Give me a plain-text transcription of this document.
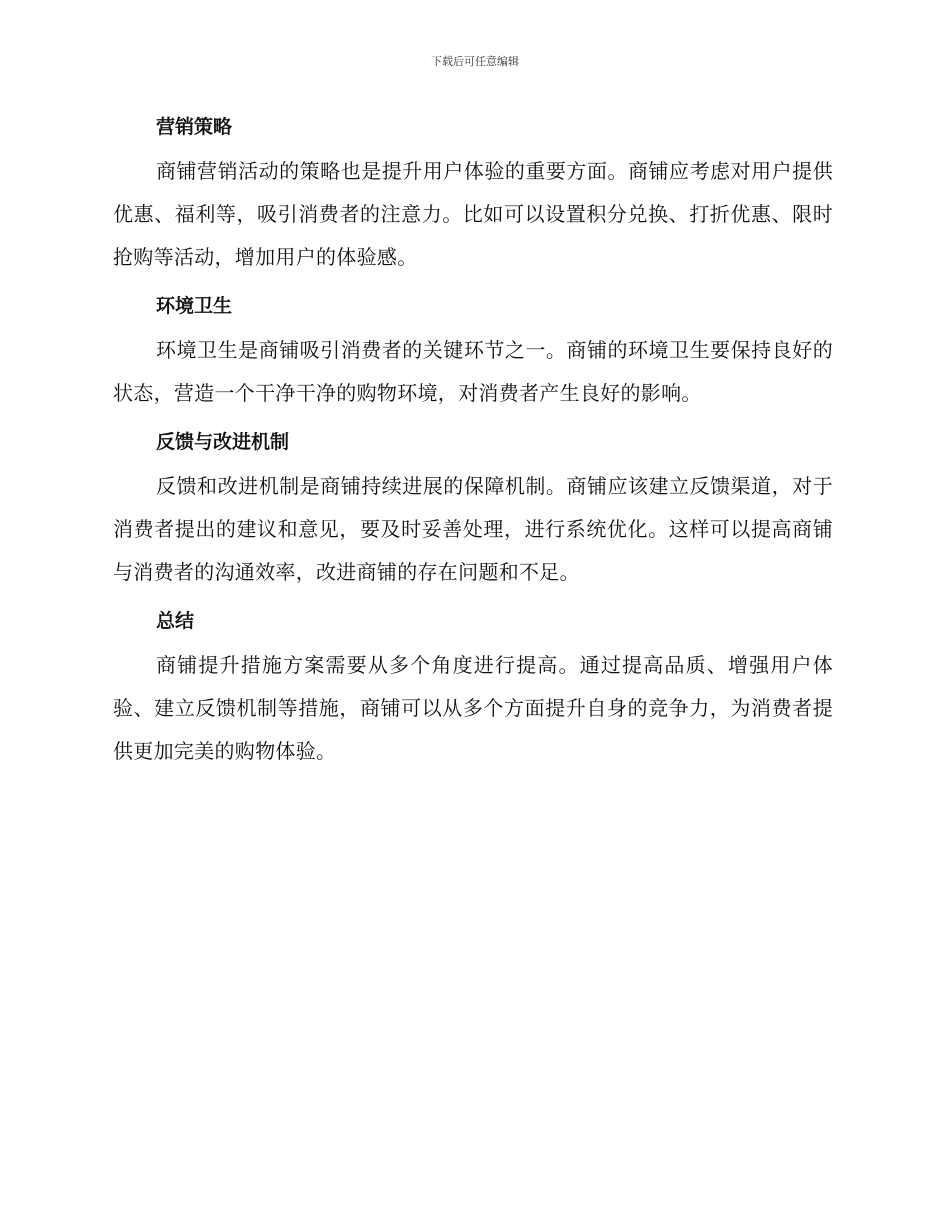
下载后可任意编辑
营销策略

商铺营销活动的策略也是提升用户体验的重要方面。商铺应考虑对用户提供优惠、福利等，吸引消费者的注意力。比如可以设置积分兑换、打折优惠、限时抢购等活动，增加用户的体验感。

环境卫生

环境卫生是商铺吸引消费者的关键环节之一。商铺的环境卫生要保持良好的状态，营造一个干净干净的购物环境，对消费者产生良好的影响。

反馈与改进机制

反馈和改进机制是商铺持续进展的保障机制。商铺应该建立反馈渠道，对于消费者提出的建议和意见，要及时妥善处理，进行系统优化。这样可以提高商铺与消费者的沟通效率，改进商铺的存在问题和不足。

总结

商铺提升措施方案需要从多个角度进行提高。通过提高品质、增强用户体验、建立反馈机制等措施，商铺可以从多个方面提升自身的竞争力，为消费者提供更加完美的购物体验。
